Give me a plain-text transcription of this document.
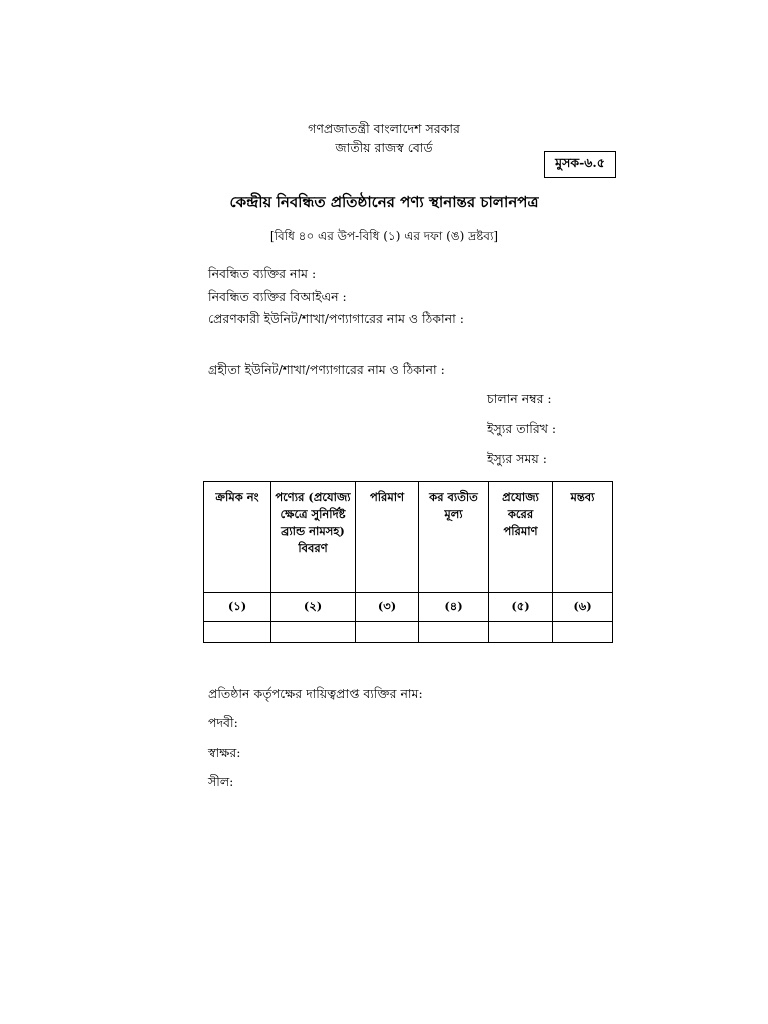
গণপ্রজাতন্ত্রী বাংলাদেশ সরকার
জাতীয় রাজস্ব বোর্ড
মুসক-৬.৫
কেন্দ্রীয় নিবন্ধিত প্রতিষ্ঠানের পণ্য স্থানান্তর চালানপত্র
[বিধি ৪০ এর উপ-বিধি (১) এর দফা (ঙ) দ্রষ্টব্য]
নিবন্ধিত ব্যক্তির নাম :
নিবন্ধিত ব্যক্তির বিআইএন :
প্রেরণকারী ইউনিট/শাখা/পণ্যাগারের নাম ও ঠিকানা :
গ্রহীতা ইউনিট/শাখা/পণ্যাগারের নাম ও ঠিকানা :
চালান নম্বর :
ইস্যুর তারিখ :
ইস্যুর সময় :
ক্রমিক নং	পণ্যের (প্রযোজ্য ক্ষেত্রে সুনির্দিষ্ট ব্র্যান্ড নামসহ) বিবরণ	পরিমাণ	কর ব্যতীত মূল্য	প্রযোজ্য করের পরিমাণ	মন্তব্য
(১)	(২)	(৩)	(৪)	(৫)	(৬)

প্রতিষ্ঠান কর্তৃপক্ষের দায়িত্বপ্রাপ্ত ব্যক্তির নাম:
পদবী:
স্বাক্ষর:
সীল:
